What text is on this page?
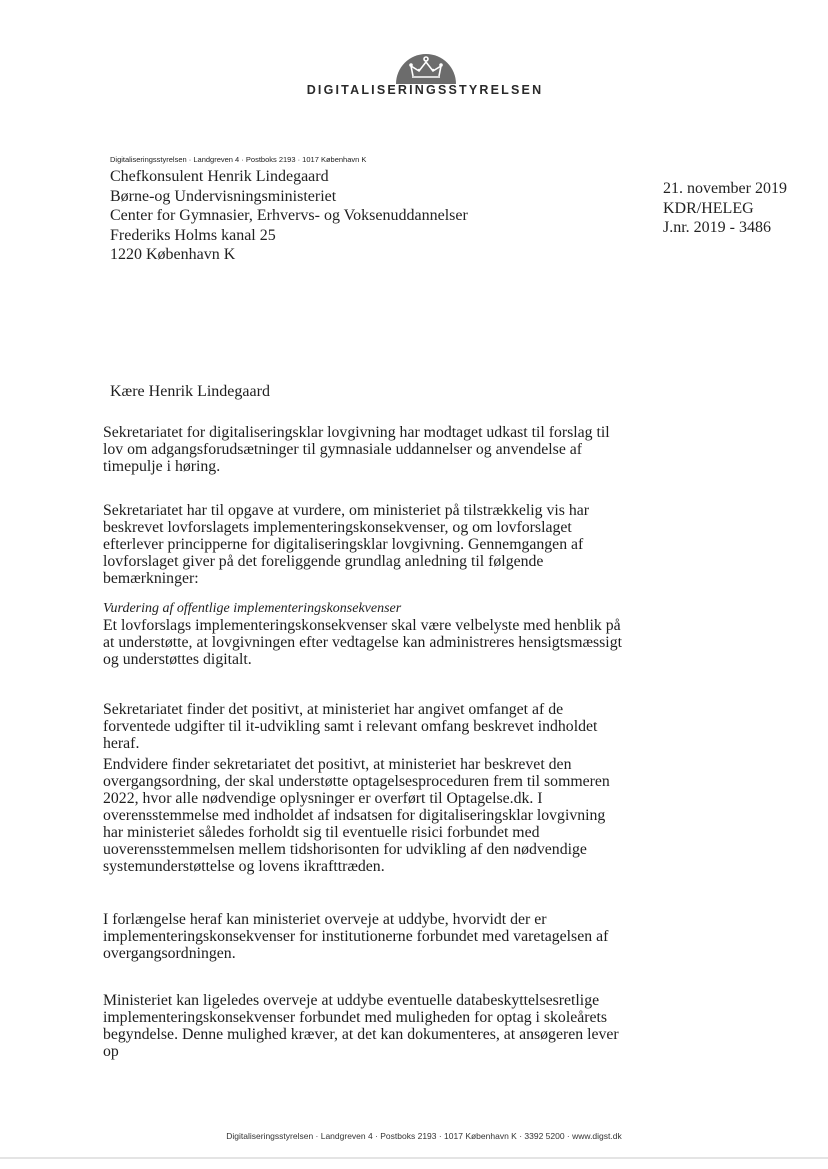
DIGITALISERINGSSTYRELSEN
Digitaliseringsstyrelsen · Landgreven 4 · Postboks 2193 · 1017 København K
Chefkonsulent Henrik Lindegaard
Børne-og Undervisningsministeriet
Center for Gymnasier, Erhvervs- og Voksenuddannelser
Frederiks Holms kanal 25
1220 København K
21. november 2019
KDR/HELEG
J.nr. 2019 - 3486
Kære Henrik Lindegaard
Sekretariatet for digitaliseringsklar lovgivning har modtaget udkast til forslag til lov om adgangsforudsætninger til gymnasiale uddannelser og anvendelse af timepulje i høring.
Sekretariatet har til opgave at vurdere, om ministeriet på tilstrækkelig vis har beskrevet lovforslagets implementeringskonsekvenser, og om lovforslaget efterlever principperne for digitaliseringsklar lovgivning. Gennemgangen af lovforslaget giver på det foreliggende grundlag anledning til følgende bemærkninger:
Vurdering af offentlige implementeringskonsekvenser
Et lovforslags implementeringskonsekvenser skal være velbelyste med henblik på at understøtte, at lovgivningen efter vedtagelse kan administreres hensigtsmæssigt og understøttes digitalt.
Sekretariatet finder det positivt, at ministeriet har angivet omfanget af de forventede udgifter til it-udvikling samt i relevant omfang beskrevet indholdet heraf.
Endvidere finder sekretariatet det positivt, at ministeriet har beskrevet den overgangsordning, der skal understøtte optagelsesproceduren frem til sommeren 2022, hvor alle nødvendige oplysninger er overført til Optagelse.dk. I overensstemmelse med indholdet af indsatsen for digitaliseringsklar lovgivning har ministeriet således forholdt sig til eventuelle risici forbundet med uoverensstemmelsen mellem tidshorisonten for udvikling af den nødvendige systemunderstøttelse og lovens ikrafttræden.
I forlængelse heraf kan ministeriet overveje at uddybe, hvorvidt der er implementeringskonsekvenser for institutionerne forbundet med varetagelsen af overgangsordningen.
Ministeriet kan ligeledes overveje at uddybe eventuelle databeskyttelsesretlige implementeringskonsekvenser forbundet med muligheden for optag i skoleårets begyndelse. Denne mulighed kræver, at det kan dokumenteres, at ansøgeren lever op
Digitaliseringsstyrelsen · Landgreven 4 · Postboks 2193 · 1017 København K · 3392 5200 · www.digst.dk
